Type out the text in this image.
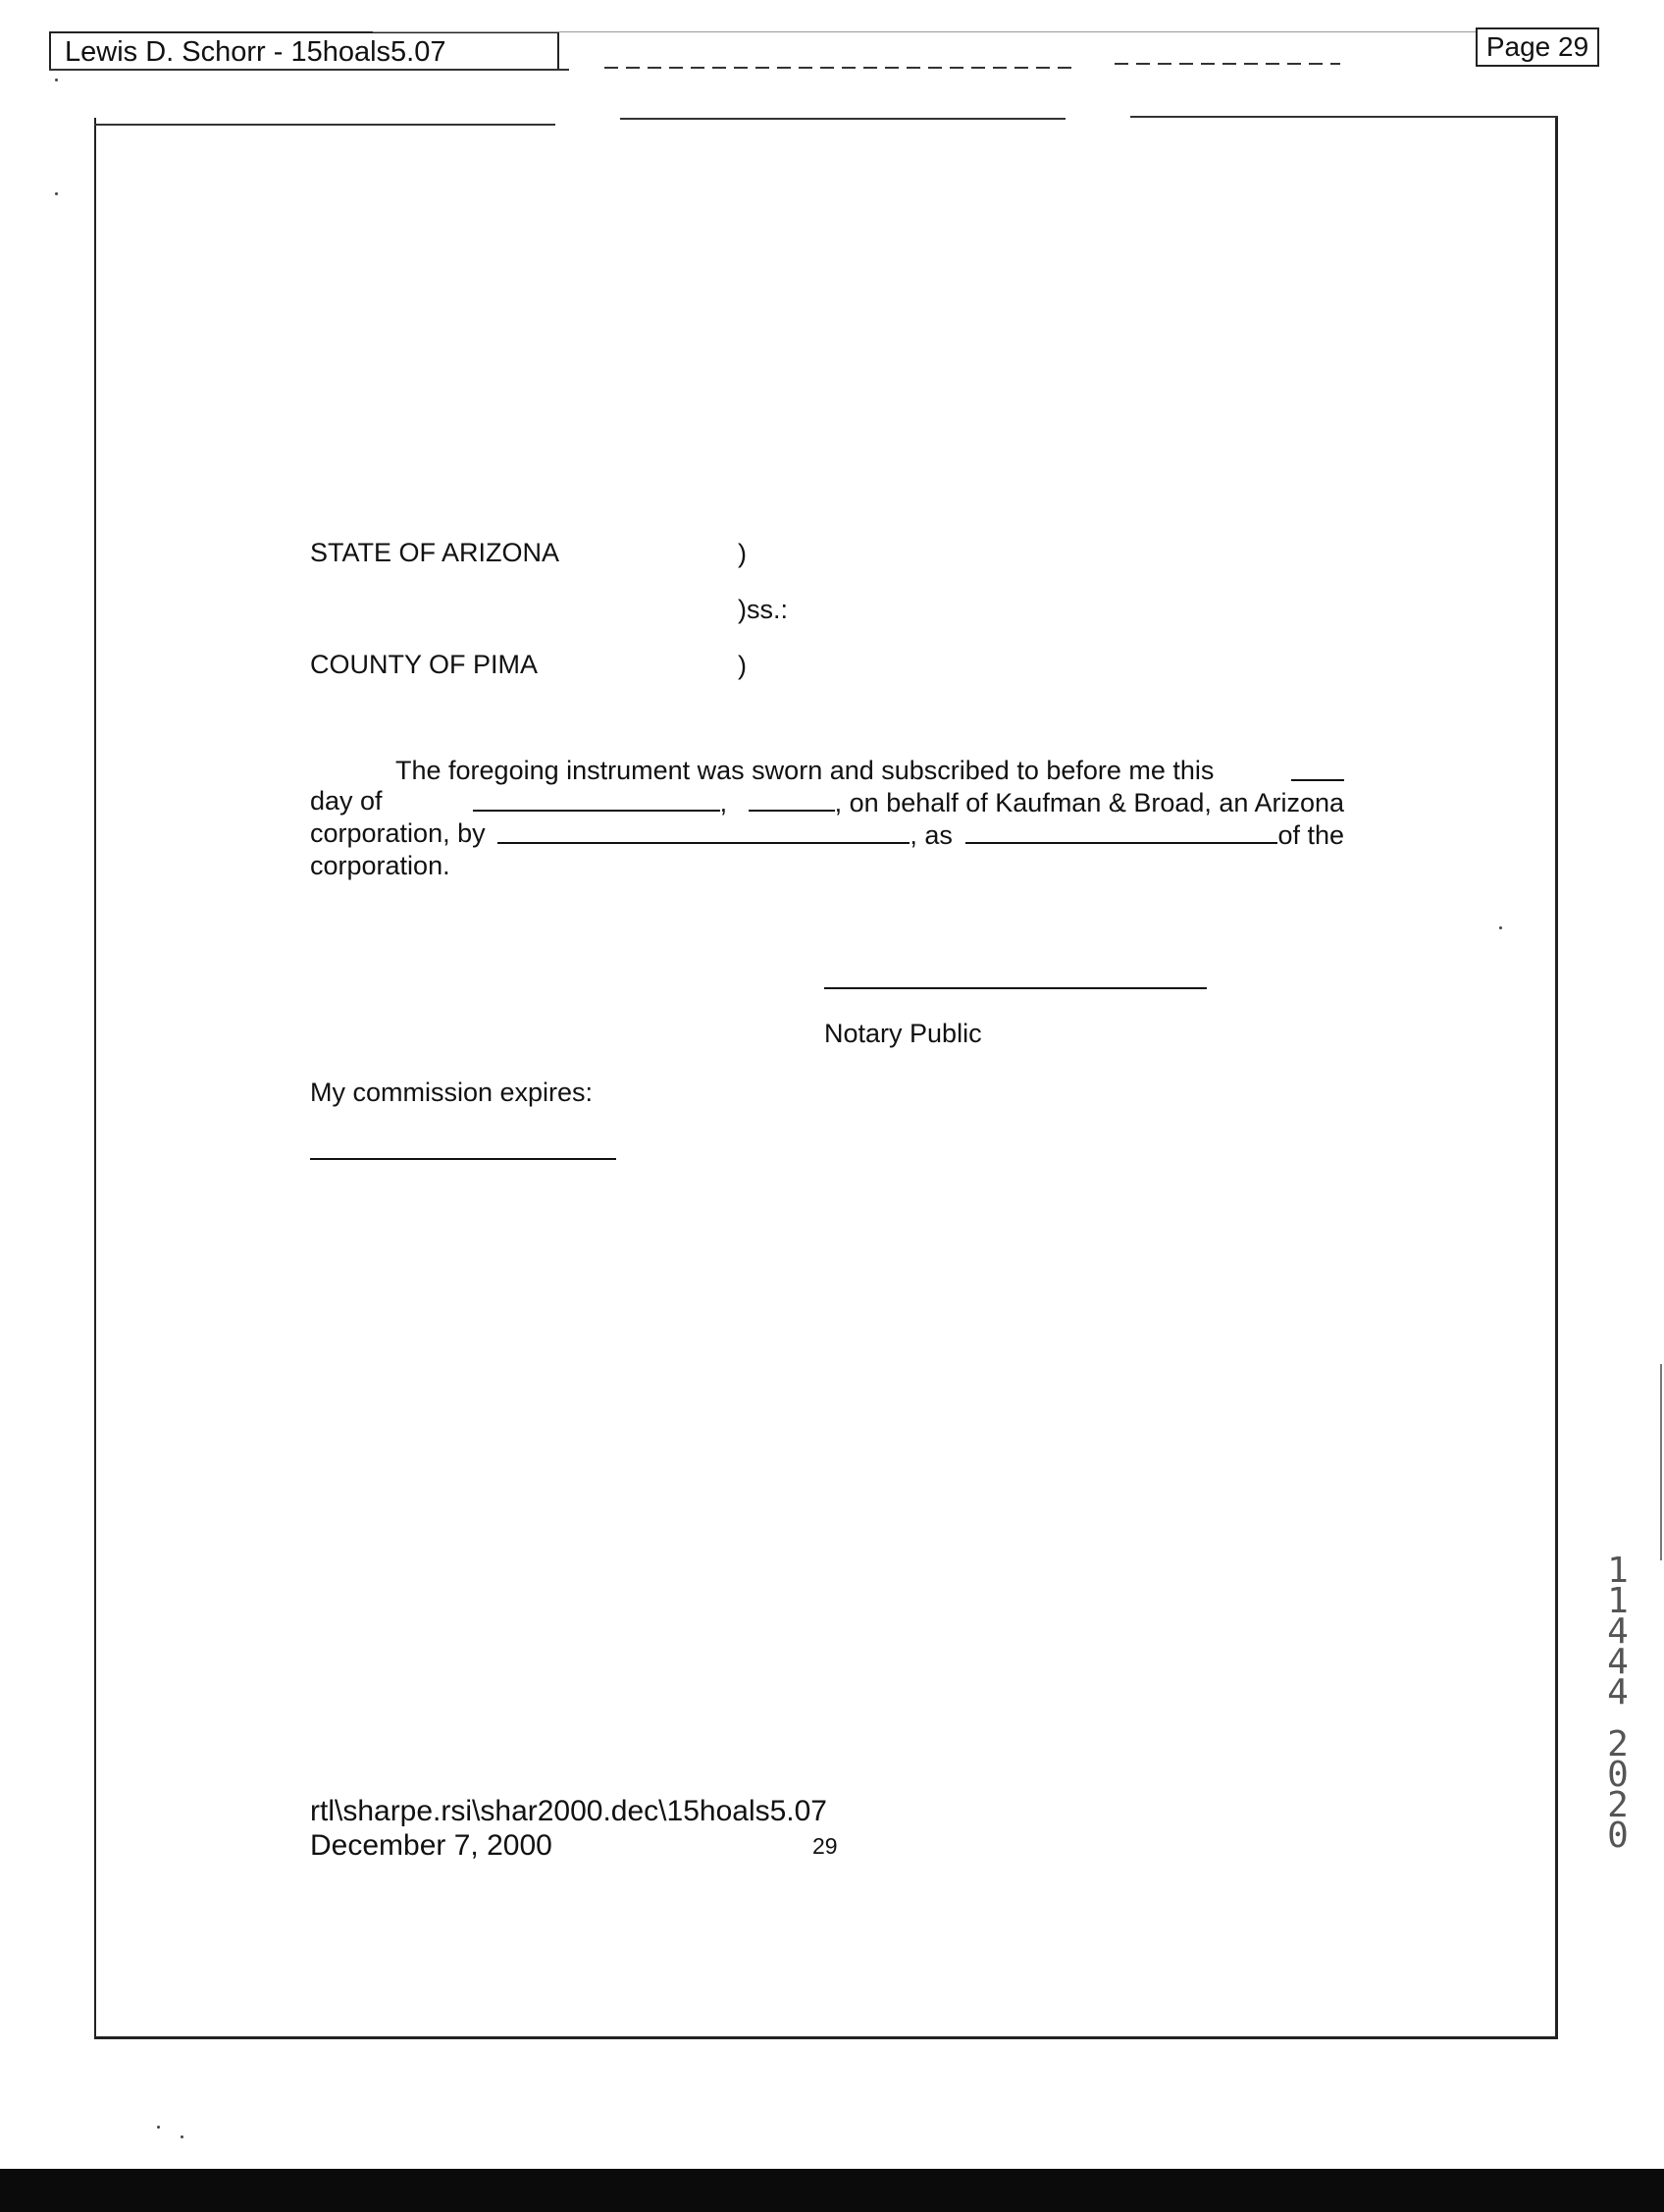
Lewis D. Schorr - 15hoals5.07	Page 29
STATE OF ARIZONA	)
)ss.:
COUNTY OF PIMA	)
The foregoing instrument was sworn and subscribed to before me this
day of	,	, on behalf of Kaufman & Broad, an Arizona
corporation, by	, as	of the
corporation.
Notary Public
My commission expires:
rtl\sharpe.rsi\shar2000.dec\15hoals5.07
December 7, 2000	29
1
1
4
4
4
2
0
2
0
